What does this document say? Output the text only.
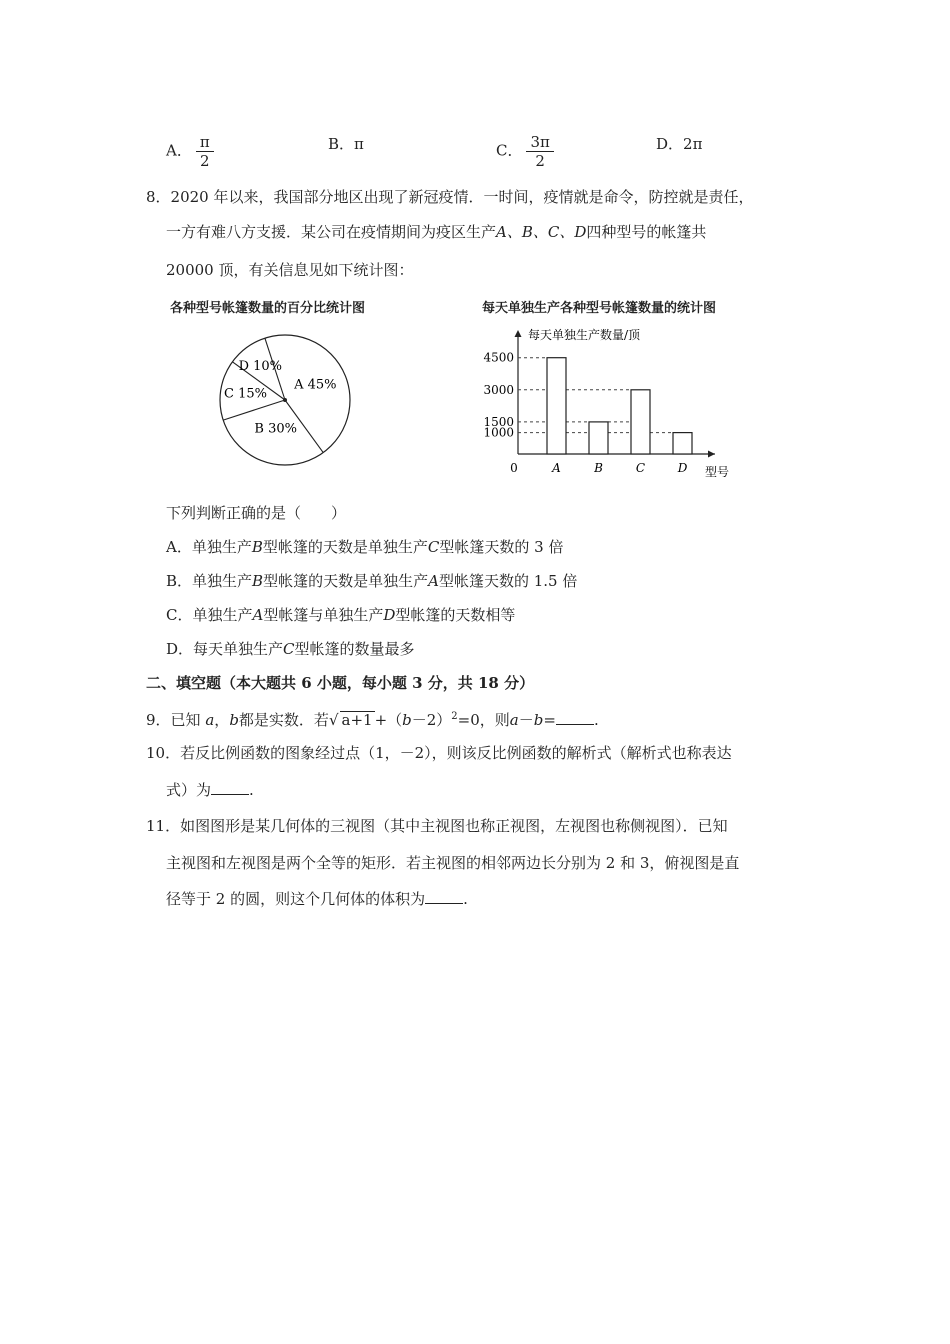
A． $\frac{\pi}{2}$	B．π	C． $\frac{3\pi}{2}$	D．2π
8．2020 年以来，我国部分地区出现了新冠疫情．一时间，疫情就是命令，防控就是责任，
一方有难八方支援．某公司在疫情期间为疫区生产A、B、C、D四种型号的帐篷共
20000 顶，有关信息见如下统计图：
各种型号帐篷数量的百分比统计图
A 45%
B 30%
C 15%
D 10%
每天单独生产各种型号帐篷数量的统计图
每天单独生产数量/顶
型号
0	A	B	C	D
1000
1500
3000
4500
下列判断正确的是（　　）
A．单独生产B型帐篷的天数是单独生产C型帐篷天数的 3 倍
B．单独生产B型帐篷的天数是单独生产A型帐篷天数的 1.5 倍
C．单独生产A型帐篷与单独生产D型帐篷的天数相等
D．每天单独生产C型帐篷的数量最多
二、填空题（本大题共 6 小题，每小题 3 分，共 18 分）
9．已知 a，b都是实数．若√ $a+1 +(b-2)^2=0$，则a－b=	.
10．若反比例函数的图象经过点（1，－2），则该反比例函数的解析式（解析式也称表达
式）为	.
11．如图图形是某几何体的三视图（其中主视图也称正视图，左视图也称侧视图）．已知
主视图和左视图是两个全等的矩形．若主视图的相邻两边长分别为 2 和 3，俯视图是直
径等于 2 的圆，则这个几何体的体积为	.
